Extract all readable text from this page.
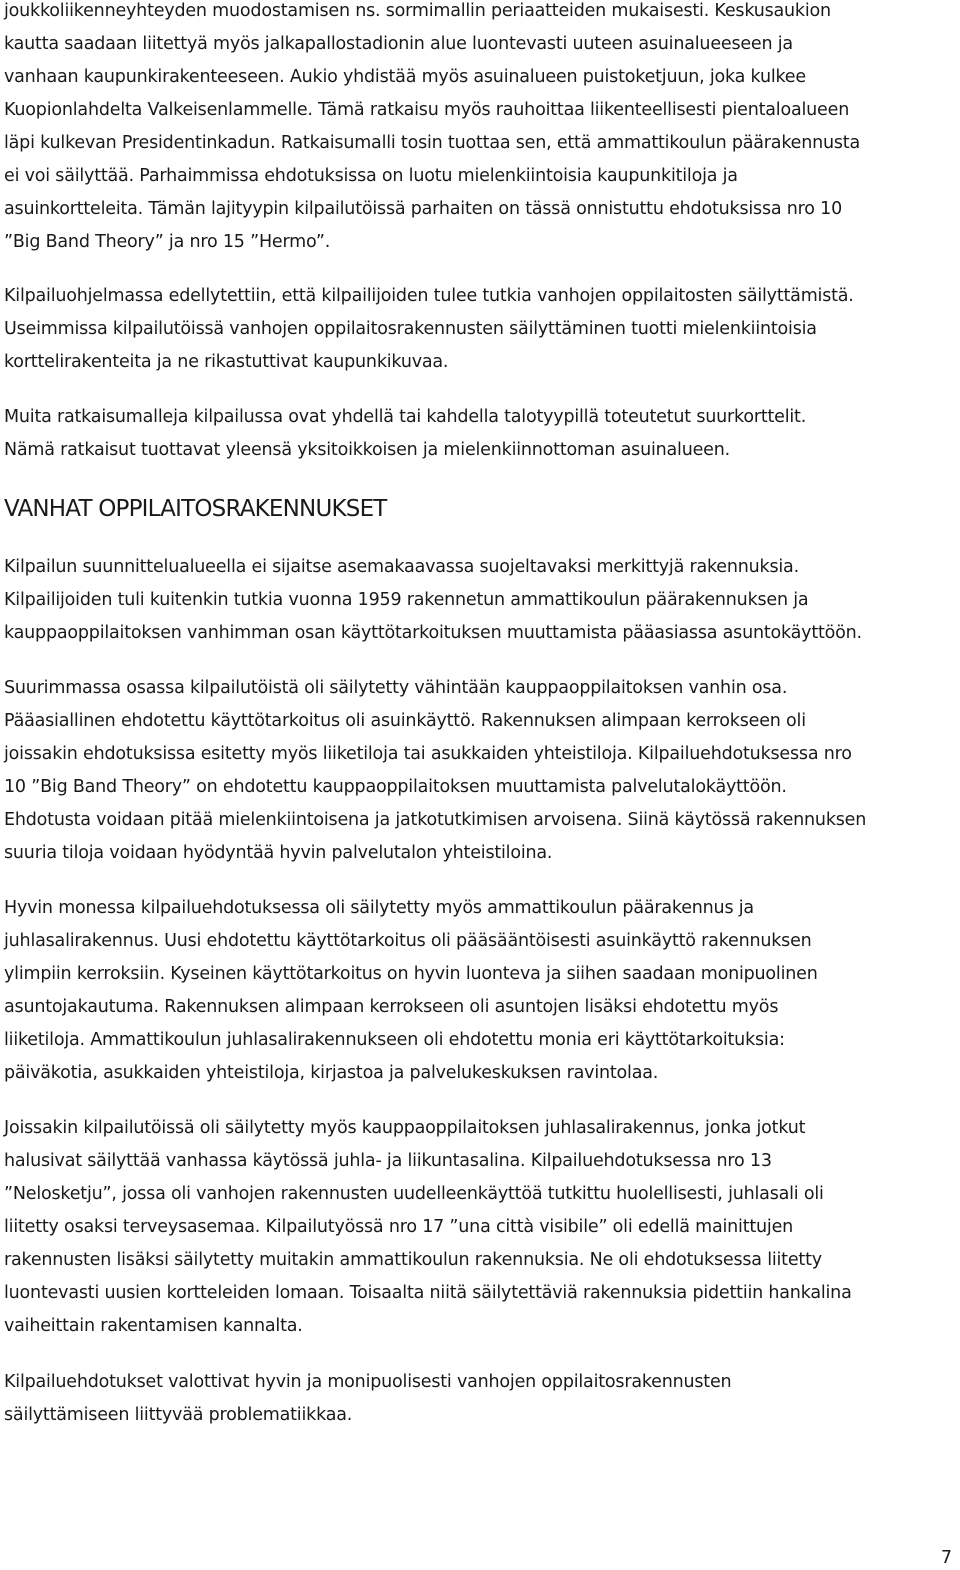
joukkoliikenneyhteyden muodostamisen ns. sormimallin periaatteiden mukaisesti. Keskusaukion
kautta saadaan liitettyä myös jalkapallostadionin alue luontevasti uuteen asuinalueeseen ja
vanhaan kaupunkirakenteeseen. Aukio yhdistää myös asuinalueen puistoketjuun, joka kulkee
Kuopionlahdelta Valkeisenlammelle. Tämä ratkaisu myös rauhoittaa liikenteellisesti pientaloalueen
läpi kulkevan Presidentinkadun. Ratkaisumalli tosin tuottaa sen, että ammattikoulun päärakennusta
ei voi säilyttää. Parhaimmissa ehdotuksissa on luotu mielenkiintoisia kaupunkitiloja ja
asuinkortteleita. Tämän lajityypin kilpailutöissä parhaiten on tässä onnistuttu ehdotuksissa nro 10
”Big Band Theory” ja nro 15 ”Hermo”.
Kilpailuohjelmassa edellytettiin, että kilpailijoiden tulee tutkia vanhojen oppilaitosten säilyttämistä.
Useimmissa kilpailutöissä vanhojen oppilaitosrakennusten säilyttäminen tuotti mielenkiintoisia
korttelirakenteita ja ne rikastuttivat kaupunkikuvaa.
Muita ratkaisumalleja kilpailussa ovat yhdellä tai kahdella talotyypillä toteutetut suurkorttelit.
Nämä ratkaisut tuottavat yleensä yksitoikkoisen ja mielenkiinnottoman asuinalueen.
VANHAT OPPILAITOSRAKENNUKSET
Kilpailun suunnittelualueella ei sijaitse asemakaavassa suojeltavaksi merkittyjä rakennuksia.
Kilpailijoiden tuli kuitenkin tutkia vuonna 1959 rakennetun ammattikoulun päärakennuksen ja
kauppaoppilaitoksen vanhimman osan käyttötarkoituksen muuttamista pääasiassa asuntokäyttöön.
Suurimmassa osassa kilpailutöistä oli säilytetty vähintään kauppaoppilaitoksen vanhin osa.
Pääasiallinen ehdotettu käyttötarkoitus oli asuinkäyttö. Rakennuksen alimpaan kerrokseen oli
joissakin ehdotuksissa esitetty myös liiketiloja tai asukkaiden yhteistiloja. Kilpailuehdotuksessa nro
10 ”Big Band Theory” on ehdotettu kauppaoppilaitoksen muuttamista palvelutalokäyttöön.
Ehdotusta voidaan pitää mielenkiintoisena ja jatkotutkimisen arvoisena. Siinä käytössä rakennuksen
suuria tiloja voidaan hyödyntää hyvin palvelutalon yhteistiloina.
Hyvin monessa kilpailuehdotuksessa oli säilytetty myös ammattikoulun päärakennus ja
juhlasalirakennus. Uusi ehdotettu käyttötarkoitus oli pääsääntöisesti asuinkäyttö rakennuksen
ylimpiin kerroksiin. Kyseinen käyttötarkoitus on hyvin luonteva ja siihen saadaan monipuolinen
asuntojakautuma. Rakennuksen alimpaan kerrokseen oli asuntojen lisäksi ehdotettu myös
liiketiloja. Ammattikoulun juhlasalirakennukseen oli ehdotettu monia eri käyttötarkoituksia:
päiväkotia, asukkaiden yhteistiloja, kirjastoa ja palvelukeskuksen ravintolaa.
Joissakin kilpailutöissä oli säilytetty myös kauppaoppilaitoksen juhlasalirakennus, jonka jotkut
halusivat säilyttää vanhassa käytössä juhla- ja liikuntasalina. Kilpailuehdotuksessa nro 13
”Nelosketju”, jossa oli vanhojen rakennusten uudelleenkäyttöä tutkittu huolellisesti, juhlasali oli
liitetty osaksi terveysasemaa. Kilpailutyössä nro 17 ”una città visibile” oli edellä mainittujen
rakennusten lisäksi säilytetty muitakin ammattikoulun rakennuksia. Ne oli ehdotuksessa liitetty
luontevasti uusien kortteleiden lomaan. Toisaalta niitä säilytettäviä rakennuksia pidettiin hankalina
vaiheittain rakentamisen kannalta.
Kilpailuehdotukset valottivat hyvin ja monipuolisesti vanhojen oppilaitosrakennusten
säilyttämiseen liittyvää problematiikkaa.
7
